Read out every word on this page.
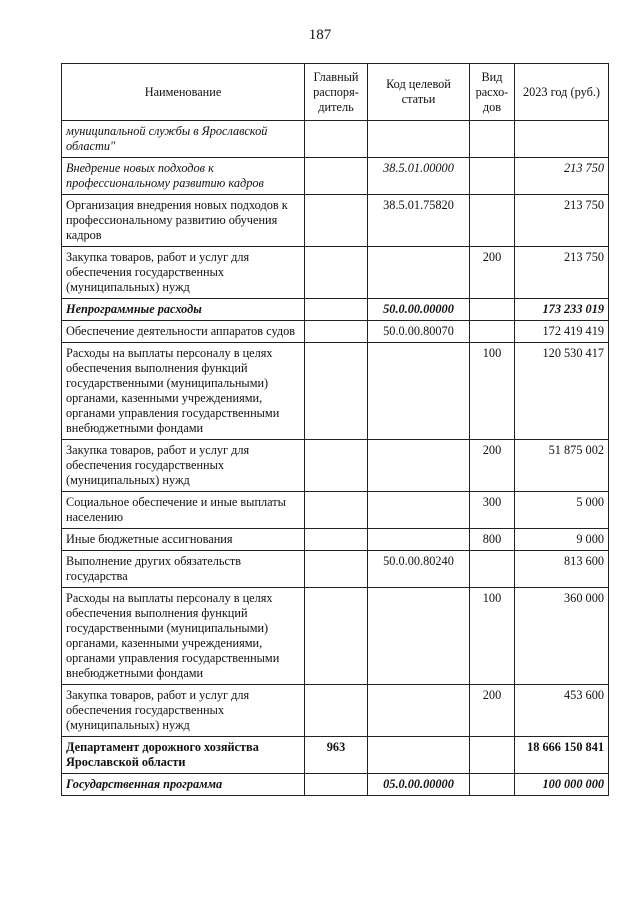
187
Наименование	Главный распоря-дитель	Код целевой статьи	Вид расхо-дов	2023 год (руб.)
муниципальной службы в Ярославской области"				
Внедрение новых подходов к профессиональному развитию кадров		38.5.01.00000		213 750
Организация внедрения новых подходов к профессиональному развитию обучения кадров		38.5.01.75820		213 750
Закупка товаров, работ и услуг для обеспечения государственных (муниципальных) нужд			200	213 750
Непрограммные расходы		50.0.00.00000		173 233 019
Обеспечение деятельности аппаратов судов		50.0.00.80070		172 419 419
Расходы на выплаты персоналу в целях обеспечения выполнения функций государственными (муниципальными) органами, казенными учреждениями, органами управления государственными внебюджетными фондами			100	120 530 417
Закупка товаров, работ и услуг для обеспечения государственных (муниципальных) нужд			200	51 875 002
Социальное обеспечение и иные выплаты населению			300	5 000
Иные бюджетные ассигнования			800	9 000
Выполнение других обязательств государства		50.0.00.80240		813 600
Расходы на выплаты персоналу в целях обеспечения выполнения функций государственными (муниципальными) органами, казенными учреждениями, органами управления государственными внебюджетными фондами			100	360 000
Закупка товаров, работ и услуг для обеспечения государственных (муниципальных) нужд			200	453 600
Департамент дорожного хозяйства Ярославской области	963			18 666 150 841
Государственная программа		05.0.00.00000		100 000 000
